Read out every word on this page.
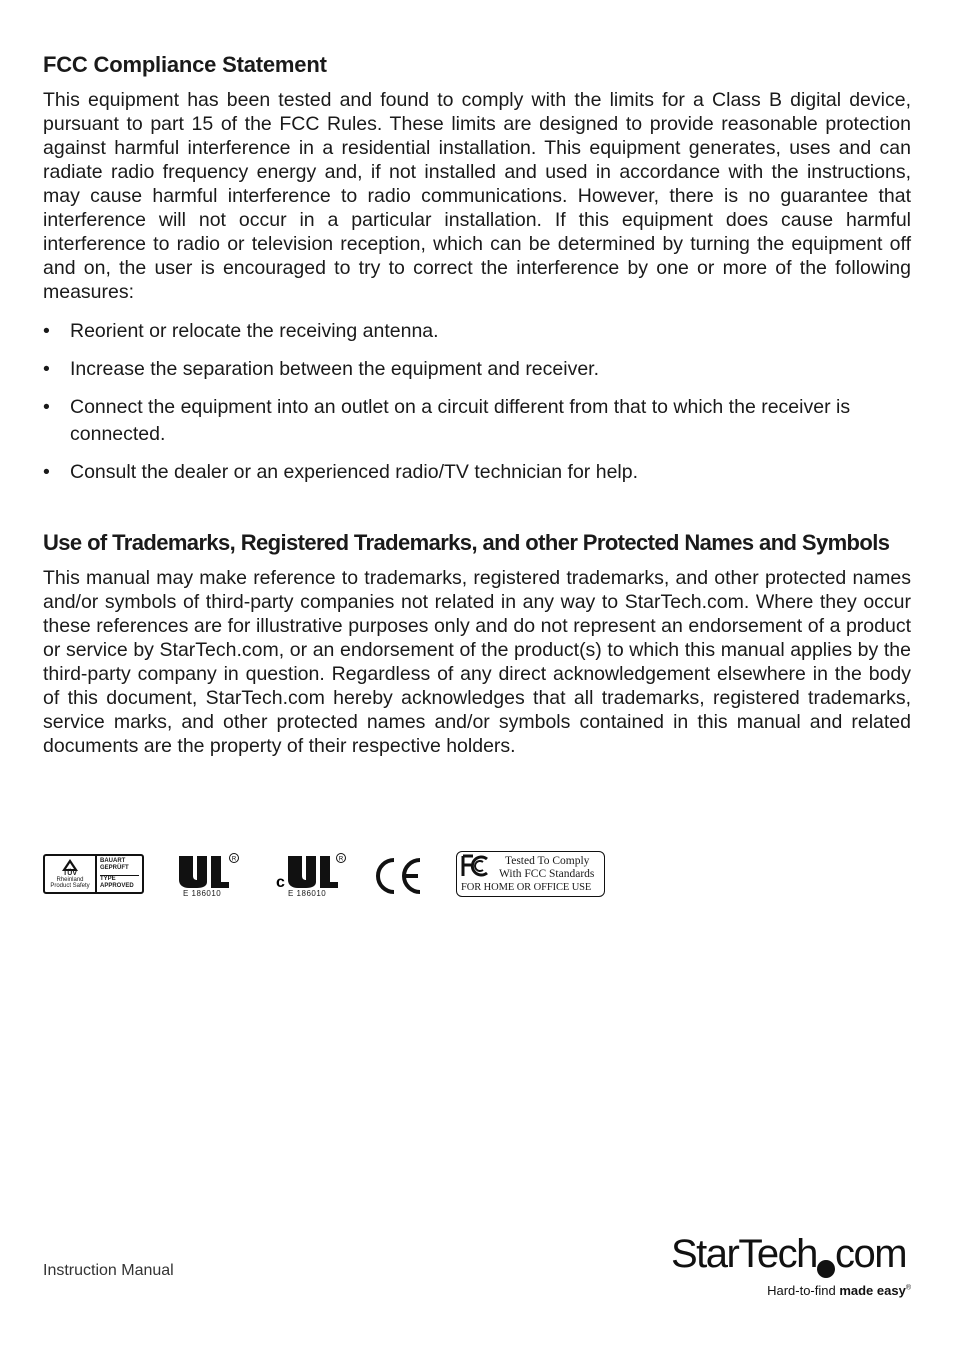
FCC Compliance Statement

This equipment has been tested and found to comply with the limits for a Class B digital device, pursuant to part 15 of the FCC Rules. These limits are designed to provide reasonable protection against harmful interference in a residential installation. This equipment generates, uses and can radiate radio frequency energy and, if not installed and used in accordance with the instructions, may cause harmful interference to radio communications. However, there is no guarantee that interference will not occur in a particular installation. If this equipment does cause harmful interference to radio or television reception, which can be determined by turning the equipment off and on, the user is encouraged to try to correct the interference by one or more of the following measures:

• Reorient or relocate the receiving antenna.
• Increase the separation between the equipment and receiver.
• Connect the equipment into an outlet on a circuit different from that to which the receiver is connected.
• Consult the dealer or an experienced radio/TV technician for help.
Use of Trademarks, Registered Trademarks, and other Protected Names and Symbols

This manual may make reference to trademarks, registered trademarks, and other protected names and/or symbols of third-party companies not related in any way to StarTech.com. Where they occur these references are for illustrative purposes only and do not represent an endorsement of a product or service by StarTech.com, or an endorsement of the product(s) to which this manual applies by the third-party company in question. Regardless of any direct acknowledgement elsewhere in the body of this document, StarTech.com hereby acknowledges that all trademarks, registered trademarks, service marks, and other protected names and/or symbols contained in this manual and related documents are the property of their respective holders.

TÜV
Rheinland
Product Safety
BAUART
GEPRÜFT
TYPE
APPROVED
R
E 186010
c
R
E 186010
Tested To Comply
With FCC Standards
FOR HOME OR OFFICE USE
Instruction Manual	StarTech com
Hard-to-find made easy®
